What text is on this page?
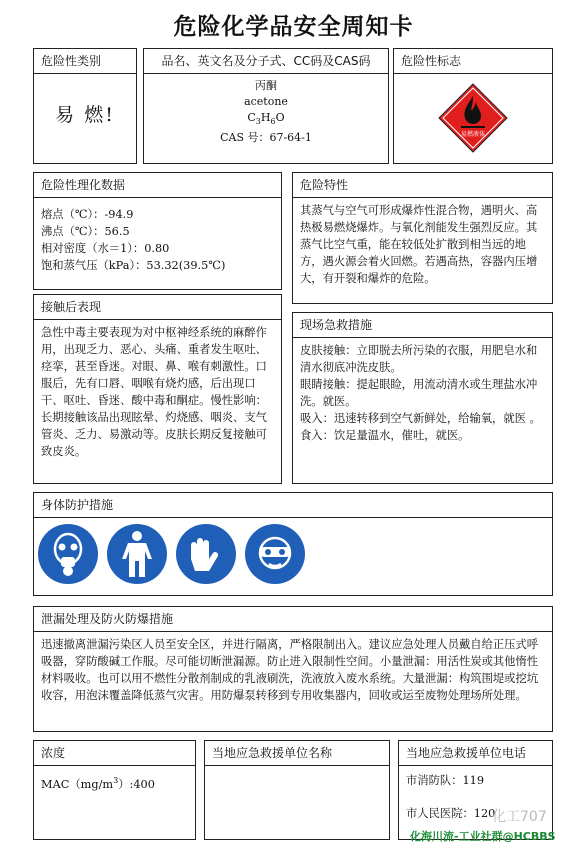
危险化学品安全周知卡
危险性类别
易 燃!
品名、英文名及分子式、CC码及CAS码
丙酮
acetone
$C_3H_6O$
CAS 号：67-64-1
危险性标志
易燃液体
危险性理化数据
熔点（℃）：-94.9
沸点（℃）：56.5
相对密度（水＝1）：0.80
饱和蒸气压（kPa）：53.32(39.5℃)
危险特性
其蒸气与空气可形成爆炸性混合物，遇明火、高热极易燃烧爆炸。与氧化剂能发生强烈反应。其蒸气比空气重，能在较低处扩散到相当远的地方，遇火源会着火回燃。若遇高热，容器内压增大，有开裂和爆炸的危险。
接触后表现
急性中毒主要表现为对中枢神经系统的麻醉作用，出现乏力、恶心、头痛、重者发生呕吐、痉挛，甚至昏迷。对眼、鼻、喉有刺激性。口服后，先有口唇、咽喉有烧灼感，后出现口干、呕吐、昏迷、酸中毒和酮症。慢性影响：长期接触该品出现眩晕、灼烧感、咽炎、支气管炎、乏力、易激动等。皮肤长期反复接触可致皮炎。
现场急救措施
皮肤接触：立即脱去所污染的衣服，用肥皂水和清水彻底冲洗皮肤。
眼睛接触：提起眼睑，用流动清水或生理盐水冲洗。就医。
吸入：迅速转移到空气新鲜处，给输氧，就医 。
食入：饮足量温水，催吐，就医。
身体防护措施
泄漏处理及防火防爆措施
迅速撤离泄漏污染区人员至安全区，并进行隔离，严格限制出入。建议应急处理人员戴自给正压式呼吸器，穿防酸碱工作服。尽可能切断泄漏源。防止进入限制性空间。小量泄漏：用活性炭或其他惰性材料吸收。也可以用不燃性分散剂制成的乳液刷洗，洗液放入废水系统。大量泄漏：构筑围堤或挖坑收容，用泡沫覆盖降低蒸气灾害。用防爆泵转移到专用收集器内，回收或运至废物处理场所处理。
浓度
$MAC(mg/m^3):400$
当地应急救援单位名称	当地应急救援单位电话
市消防队：119
市人民医院：120
化工707
化海川流-工业社群@HCBBS
